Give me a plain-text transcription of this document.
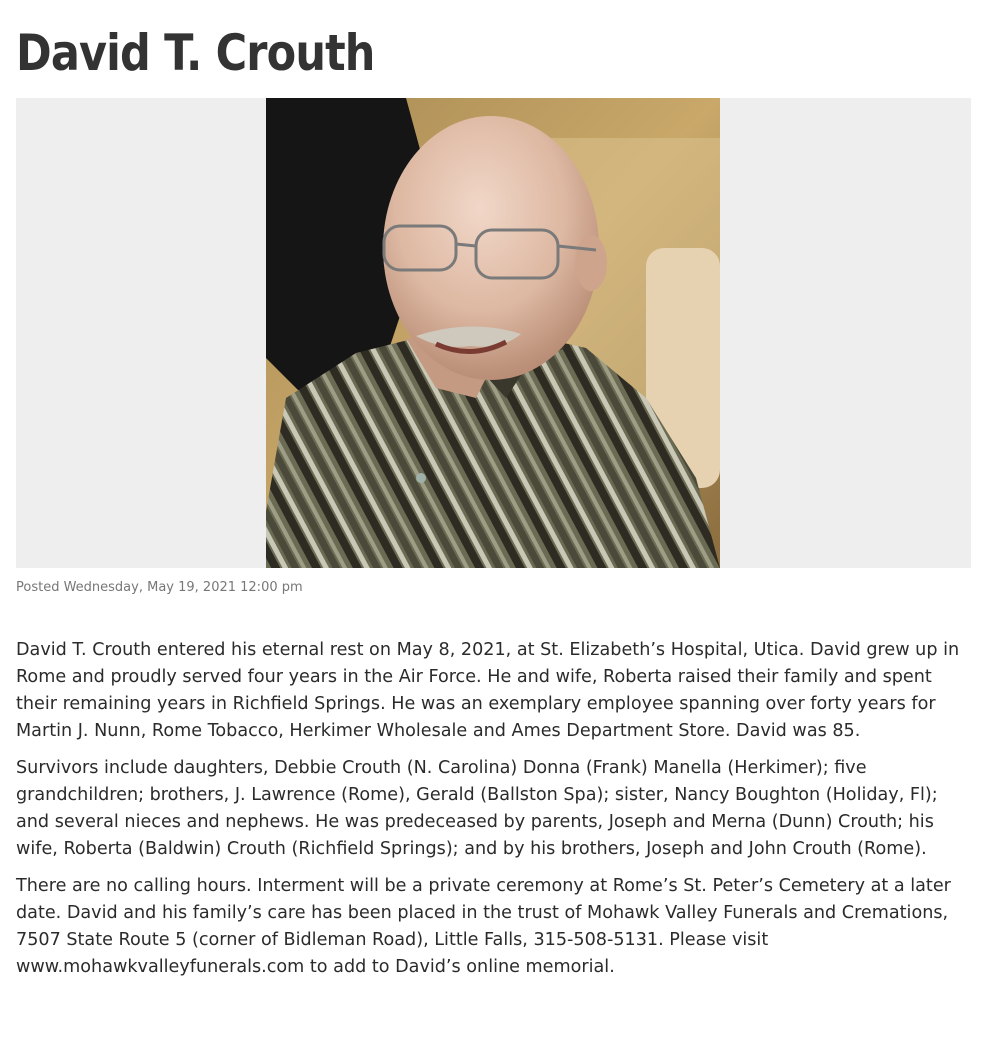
David T. Crouth
Posted Wednesday, May 19, 2021 12:00 pm

David T. Crouth entered his eternal rest on May 8, 2021, at St. Elizabeth’s Hospital, Utica. David grew up in Rome and proudly served four years in the Air Force. He and wife, Roberta raised their family and spent their remaining years in Richfield Springs. He was an exemplary employee spanning over forty years for Martin J. Nunn, Rome Tobacco, Herkimer Wholesale and Ames Department Store. David was 85.

Survivors include daughters, Debbie Crouth (N. Carolina) Donna (Frank) Manella (Herkimer); five grandchildren; brothers, J. Lawrence (Rome), Gerald (Ballston Spa); sister, Nancy Boughton (Holiday, Fl); and several nieces and nephews. He was predeceased by parents, Joseph and Merna (Dunn) Crouth; his wife, Roberta (Baldwin) Crouth (Richfield Springs); and by his brothers, Joseph and John Crouth (Rome).

There are no calling hours. Interment will be a private ceremony at Rome’s St. Peter’s Cemetery at a later date. David and his family’s care has been placed in the trust of Mohawk Valley Funerals and Cremations, 7507 State Route 5 (corner of Bidleman Road), Little Falls, 315-508-5131. Please visit www.mohawkvalleyfunerals.com to add to David’s online memorial.
